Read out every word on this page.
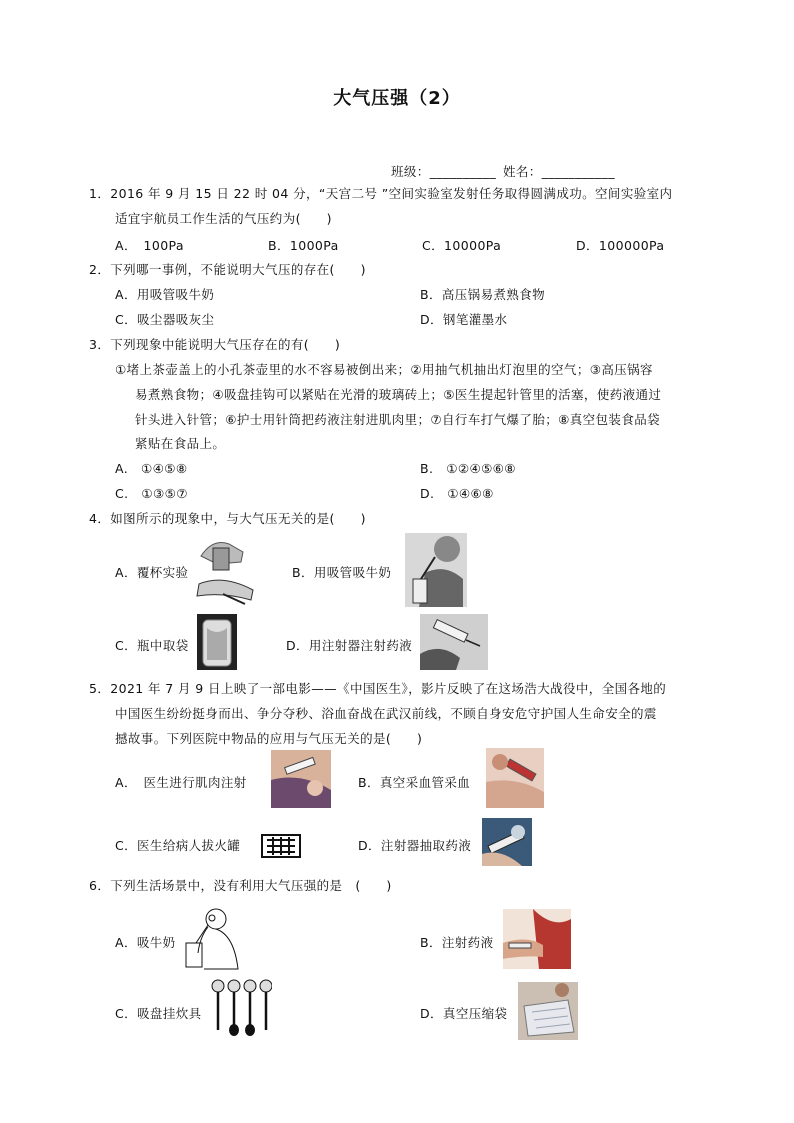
大气压强（2）
班级：__________ 姓名：___________
1．2016 年 9 月 15 日 22 时 04 分，“天宫二号 ”空间实验室发射任务取得圆满成功。空间实验室内
适宜宇航员工作生活的气压约为(　　)
A．　100Pa	B．1000Pa	C．10000Pa	D．100000Pa
2．下列哪一事例，不能说明大气压的存在(　　)
A．用吸管吸牛奶	B．高压锅易煮熟食物
C．吸尘器吸灰尘	D．钢笔灌墨水
3．下列现象中能说明大气压存在的有(　　)
①堵上茶壶盖上的小孔茶壶里的水不容易被倒出来；②用抽气机抽出灯泡里的空气；③高压锅容
易煮熟食物；④吸盘挂钩可以紧贴在光滑的玻璃砖上；⑤医生提起针管里的活塞，使药液通过
针头进入针管；⑥护士用针筒把药液注射进肌肉里；⑦自行车打气爆了胎；⑧真空包装食品袋
紧贴在食品上。
A.　①④⑤⑧	B.　①②④⑤⑥⑧
C.　①③⑤⑦	D.　①④⑥⑧
4．如图所示的现象中，与大气压无关的是(　　)
A．覆杯实验	B．用吸管吸牛奶
C．瓶中取袋	D．用注射器注射药液
5．2021 年 7 月 9 日上映了一部电影——《中国医生》，影片反映了在这场浩大战役中，全国各地的
中国医生纷纷挺身而出、争分夺秒、浴血奋战在武汉前线，不顾自身安危守护国人生命安全的震
撼故事。下列医院中物品的应用与气压无关的是(　　)
A．　医生进行肌肉注射	B．真空采血管采血
C．医生给病人拔火罐	D．注射器抽取药液
6．下列生活场景中，没有利用大气压强的是　(　　)
A．吸牛奶	B．注射药液
C．吸盘挂炊具	D．真空压缩袋
